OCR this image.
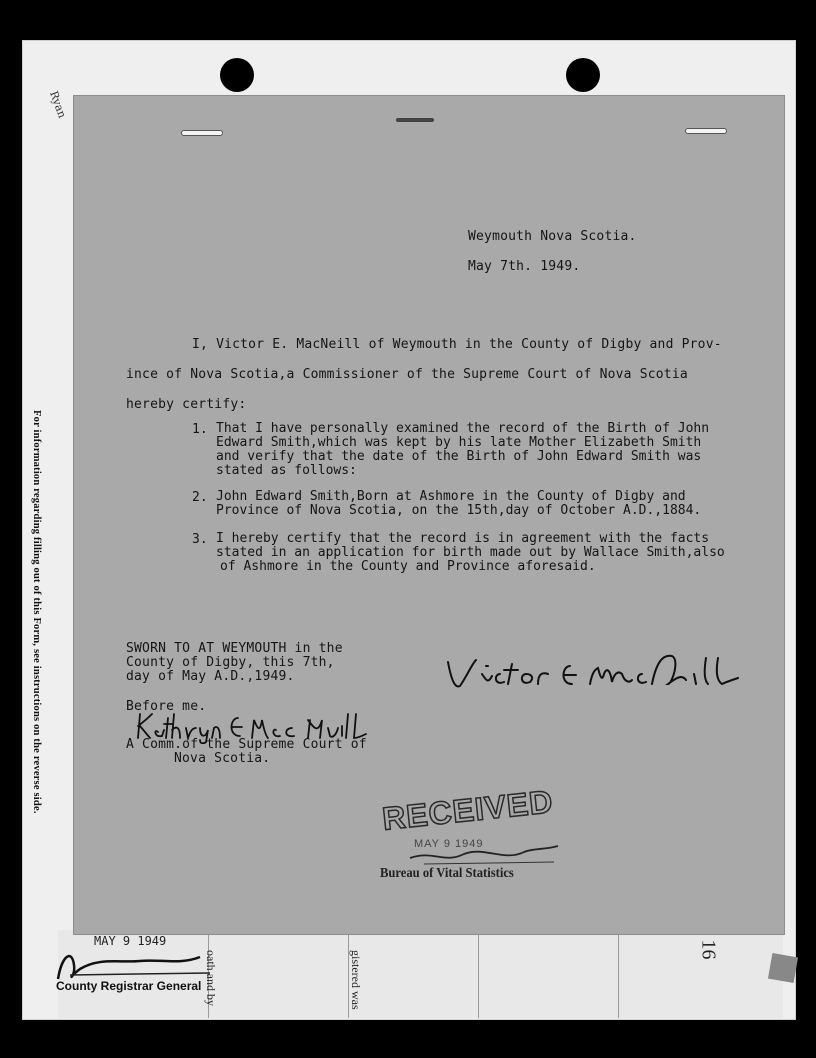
Ryan
For information regarding filling out of this Form, see instructions on the reverse side.
MAY 9 1949
oath and by	gistered was
16
County Registrar General
Weymouth Nova Scotia.
May 7th. 1949.
I, Victor E. MacNeill of Weymouth in the County of Digby and Prov-
ince of Nova Scotia,a Commissioner of the Supreme Court of Nova Scotia
hereby certify:
1. That I have personally examined the record of the Birth of John
Edward Smith,which was kept by his late Mother Elizabeth Smith
and verify that the date of the Birth of John Edward Smith was
stated as follows:
2. John Edward Smith,Born at Ashmore in the County of Digby and
Province of Nova Scotia, on the 15th,day of October A.D.,1884.
3. I hereby certify that the record is in agreement with the facts
stated in an application for birth made out by Wallace Smith,also
of Ashmore in the County and Province aforesaid.
SWORN TO AT WEYMOUTH in the
County of Digby, this 7th,
day of May A.D.,1949.
Before me.
A Comm.of the Supreme Court of
Nova Scotia.
RECEIVED
MAY 9 1949
Bureau of Vital Statistics
